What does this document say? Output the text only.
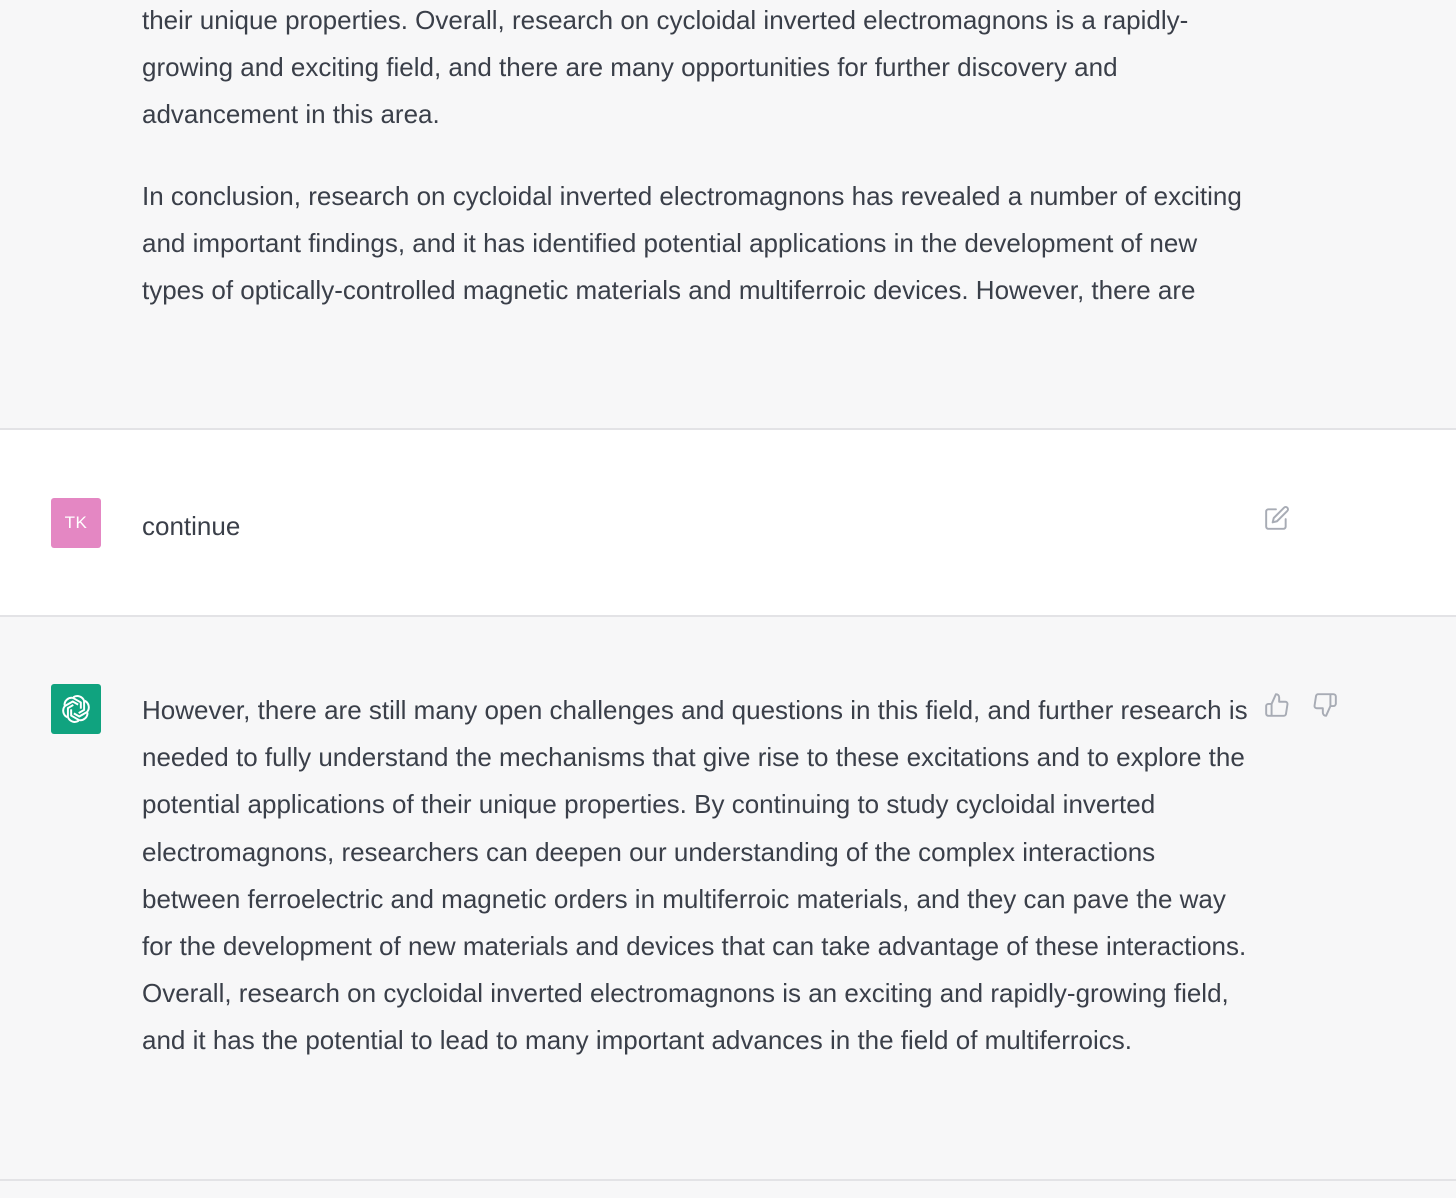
their unique properties. Overall, research on cycloidal inverted electromagnons is a rapidly-growing and exciting field, and there are many opportunities for further discovery and advancement in this area.

In conclusion, research on cycloidal inverted electromagnons has revealed a number of exciting and important findings, and it has identified potential applications in the development of new types of optically-controlled magnetic materials and multiferroic devices. However, there are

TK continue

However, there are still many open challenges and questions in this field, and further research is needed to fully understand the mechanisms that give rise to these excitations and to explore the potential applications of their unique properties. By continuing to study cycloidal inverted electromagnons, researchers can deepen our understanding of the complex interactions between ferroelectric and magnetic orders in multiferroic materials, and they can pave the way for the development of new materials and devices that can take advantage of these interactions. Overall, research on cycloidal inverted electromagnons is an exciting and rapidly-growing field, and it has the potential to lead to many important advances in the field of multiferroics.
